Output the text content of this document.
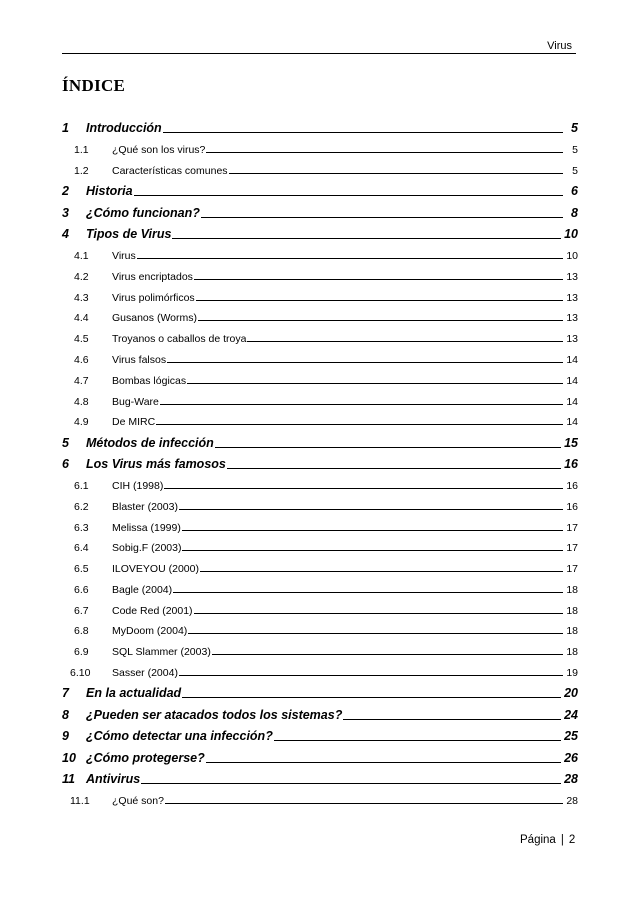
Virus
ÍNDICE
1	Introducción	5
1.1	¿Qué son los virus?	5
1.2	Características comunes	5
2	Historia	6
3	¿Cómo funcionan?	8
4	Tipos de Virus	10
4.1	Virus	10
4.2	Virus encriptados	13
4.3	Virus polimórficos	13
4.4	Gusanos (Worms)	13
4.5	Troyanos o caballos de troya	13
4.6	Virus falsos	14
4.7	Bombas lógicas	14
4.8	Bug-Ware	14
4.9	De MIRC	14
5	Métodos de infección	15
6	Los Virus más famosos	16
6.1	CIH (1998)	16
6.2	Blaster (2003)	16
6.3	Melissa (1999)	17
6.4	Sobig.F (2003)	17
6.5	ILOVEYOU (2000)	17
6.6	Bagle (2004)	18
6.7	Code Red (2001)	18
6.8	MyDoom (2004)	18
6.9	SQL Slammer (2003)	18
6.10	Sasser (2004)	19
7	En la actualidad	20
8	¿Pueden ser atacados todos los sistemas?	24
9	¿Cómo detectar una infección?	25
10 ¿Cómo protegerse?	26
11 Antivirus	28
11.1	¿Qué son?	28
Página | 2
